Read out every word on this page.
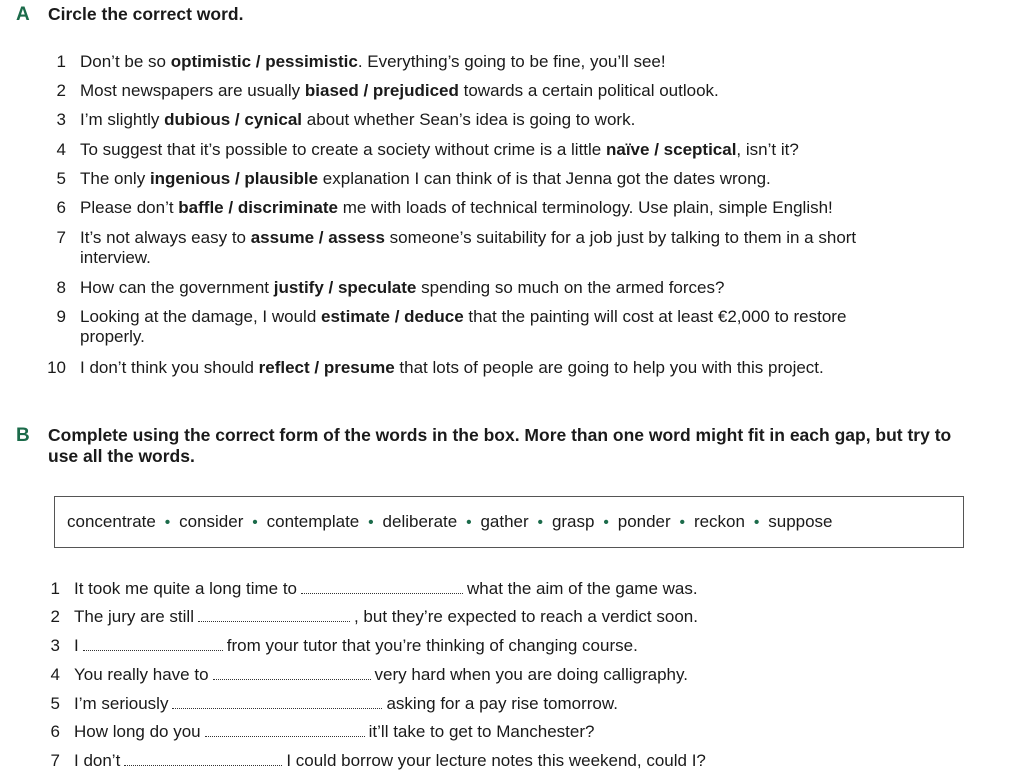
A	Circle the correct word.
1 Don’t be so optimistic / pessimistic. Everything’s going to be fine, you’ll see!
2 Most newspapers are usually biased / prejudiced towards a certain political outlook.
3 I’m slightly dubious / cynical about whether Sean’s idea is going to work.
4 To suggest that it’s possible to create a society without crime is a little naïve / sceptical, isn’t it?
5 The only ingenious / plausible explanation I can think of is that Jenna got the dates wrong.
6 Please don’t baffle / discriminate me with loads of technical terminology. Use plain, simple English!
7 It’s not always easy to assume / assess someone’s suitability for a job just by talking to them in a short interview.
8 How can the government justify / speculate spending so much on the armed forces?
9 Looking at the damage, I would estimate / deduce that the painting will cost at least €2,000 to restore properly.
10 I don’t think you should reflect / presume that lots of people are going to help you with this project.
B	Complete using the correct form of the words in the box. More than one word might fit in each gap, but try to use all the words.
concentrate • consider • contemplate • deliberate • gather • grasp • ponder • reckon • suppose
1 It took me quite a long time to	what the aim of the game was.
2 The jury are still	, but they’re expected to reach a verdict soon.
3 I	from your tutor that you’re thinking of changing course.
4 You really have to	very hard when you are doing calligraphy.
5 I’m seriously	asking for a pay rise tomorrow.
6 How long do you	it’ll take to get to Manchester?
7 I don’t	I could borrow your lecture notes this weekend, could I?
